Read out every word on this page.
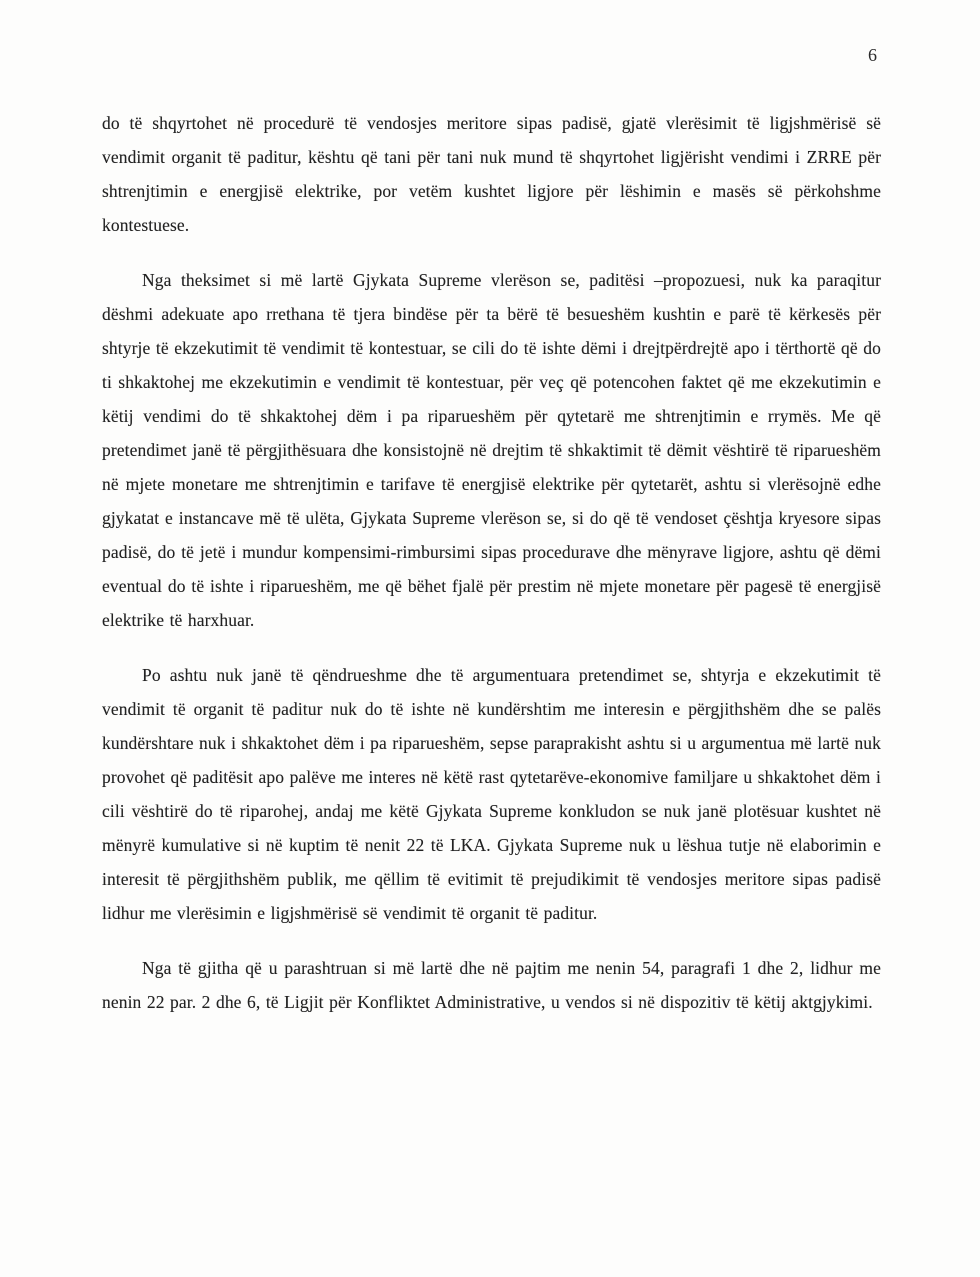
6

do të shqyrtohet në procedurë të vendosjes meritore sipas padisë, gjatë vlerësimit të ligjshmërisë së vendimit organit të paditur, kështu që tani për tani nuk mund të shqyrtohet ligjërisht vendimi i ZRRE për shtrenjtimin e energjisë elektrike, por vetëm kushtet ligjore për lëshimin e masës së përkohshme kontestuese.

Nga theksimet si më lartë Gjykata Supreme vlerëson se, paditësi –propozuesi, nuk ka paraqitur dëshmi adekuate apo rrethana të tjera bindëse për ta bërë të besueshëm kushtin e parë të kërkesës për shtyrje të ekzekutimit të vendimit të kontestuar, se cili do të ishte dëmi i drejtpërdrejtë apo i tërthortë që do ti shkaktohej me ekzekutimin e vendimit të kontestuar, për veç që potencohen faktet që me ekzekutimin e këtij vendimi do të shkaktohej dëm i pa riparueshëm për qytetarë me shtrenjtimin e rrymës. Me që pretendimet janë të përgjithësuara dhe konsistojnë në drejtim të shkaktimit të dëmit vështirë të riparueshëm në mjete monetare me shtrenjtimin e tarifave të energjisë elektrike për qytetarët, ashtu si vlerësojnë edhe gjykatat e instancave më të ulëta, Gjykata Supreme vlerëson se, si do që të vendoset çështja kryesore sipas padisë, do të jetë i mundur kompensimi-rimbursimi sipas procedurave dhe mënyrave ligjore, ashtu që dëmi eventual do të ishte i riparueshëm, me që bëhet fjalë për prestim në mjete monetare për pagesë të energjisë elektrike të harxhuar.

Po ashtu nuk janë të qëndrueshme dhe të argumentuara pretendimet se, shtyrja e ekzekutimit të vendimit të organit të paditur nuk do të ishte në kundërshtim me interesin e përgjithshëm dhe se palës kundërshtare nuk i shkaktohet dëm i pa riparueshëm, sepse paraprakisht ashtu si u argumentua më lartë nuk provohet që paditësit apo palëve me interes në këtë rast qytetarëve-ekonomive familjare u shkaktohet dëm i cili vështirë do të riparohej, andaj me këtë Gjykata Supreme konkludon se nuk janë plotësuar kushtet në mënyrë kumulative si në kuptim të nenit 22 të LKA. Gjykata Supreme nuk u lëshua tutje në elaborimin e interesit të përgjithshëm publik, me qëllim të evitimit të prejudikimit të vendosjes meritore sipas padisë lidhur me vlerësimin e ligjshmërisë së vendimit të organit të paditur.

Nga të gjitha që u parashtruan si më lartë dhe në pajtim me nenin 54, paragrafi 1 dhe 2, lidhur me nenin 22 par. 2 dhe 6, të Ligjit për Konfliktet Administrative, u vendos si në dispozitiv të këtij aktgjykimi.
